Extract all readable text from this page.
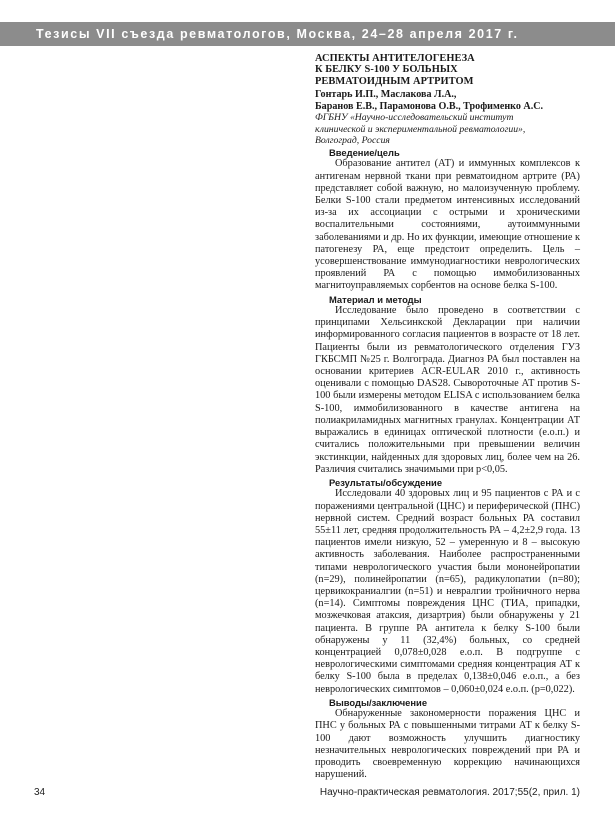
Тезисы VII съезда ревматологов, Москва, 24–28 апреля 2017 г.
АСПЕКТЫ АНТИТЕЛОГЕНЕЗА
К БЕЛКУ S-100 У БОЛЬНЫХ
РЕВМАТОИДНЫМ АРТРИТОМ
Гонтарь И.П., Маслакова Л.А.,
Баранов Е.В., Парамонова О.В., Трофименко А.С.
ФГБНУ «Научно-исследовательский институт
клинической и экспериментальной ревматологии»,
Волгоград, Россия
Введение/цель

Образование антител (АТ) и иммунных комплексов к антигенам нервной ткани при ревматоидном артрите (РА) представляет собой важную, но малоизученную проблему. Белки S-100 стали предметом интенсивных исследований из-за их ассоциации с острыми и хроническими воспалительными состояниями, аутоиммунными заболеваниями и др. Но их функции, имеющие отношение к патогенезу РА, еще предстоит определить. Цель – усовершенствование иммунодиагностики неврологических проявлений РА с помощью иммобилизованных магнитоуправляемых сорбентов на основе белка S-100.

Материал и методы

Исследование было проведено в соответствии с принципами Хельсинкской Декларации при наличии информированного согласия пациентов в возрасте от 18 лет. Пациенты были из ревматологического отделения ГУЗ ГКБСМП №25 г. Волгограда. Диагноз РА был поставлен на основании критериев ACR-EULAR 2010 г., активность оценивали с помощью DAS28. Сывороточные АТ против S-100 были измерены методом ELISA с использованием белка S-100, иммобилизованного в качестве антигена на полиакриламидных магнитных гранулах. Концентрации АТ выражались в единицах оптической плотности (е.о.п.) и считались положительными при превышении величин экстинкции, найденных для здоровых лиц, более чем на 26. Различия считались значимыми при p<0,05.

Результаты/обсуждение

Исследовали 40 здоровых лиц и 95 пациентов с РА и с поражениями центральной (ЦНС) и периферической (ПНС) нервной систем. Средний возраст больных РА составил 55±11 лет, средняя продолжительность РА – 4,2±2,9 года. 13 пациентов имели низкую, 52 – умеренную и 8 – высокую активность заболевания. Наиболее распространенными типами неврологического участия были мононейропатии (n=29), полинейропатии (n=65), радикулопатии (n=80); цервикокраниалгии (n=51) и невралгии тройничного нерва (n=14). Симптомы повреждения ЦНС (ТИА, припадки, мозжечковая атаксия, дизартрия) были обнаружены у 21 пациента. В группе РА антитела к белку S-100 были обнаружены у 11 (32,4%) больных, со средней концентрацией 0,078±0,028 е.о.п. В подгруппе с неврологическими симптомами средняя концентрация АТ к белку S-100 была в пределах 0,138±0,046 е.о.п., а без неврологических симптомов – 0,060±0,024 е.о.п. (p=0,022).

Выводы/заключение

Обнаруженные закономерности поражения ЦНС и ПНС у больных РА с повышенными титрами АТ к белку S-100 дают возможность улучшить диагностику незначительных неврологических повреждений при РА и проводить своевременную коррекцию начинающихся нарушений.

34	Научно-практическая ревматология. 2017;55(2, прил. 1)
